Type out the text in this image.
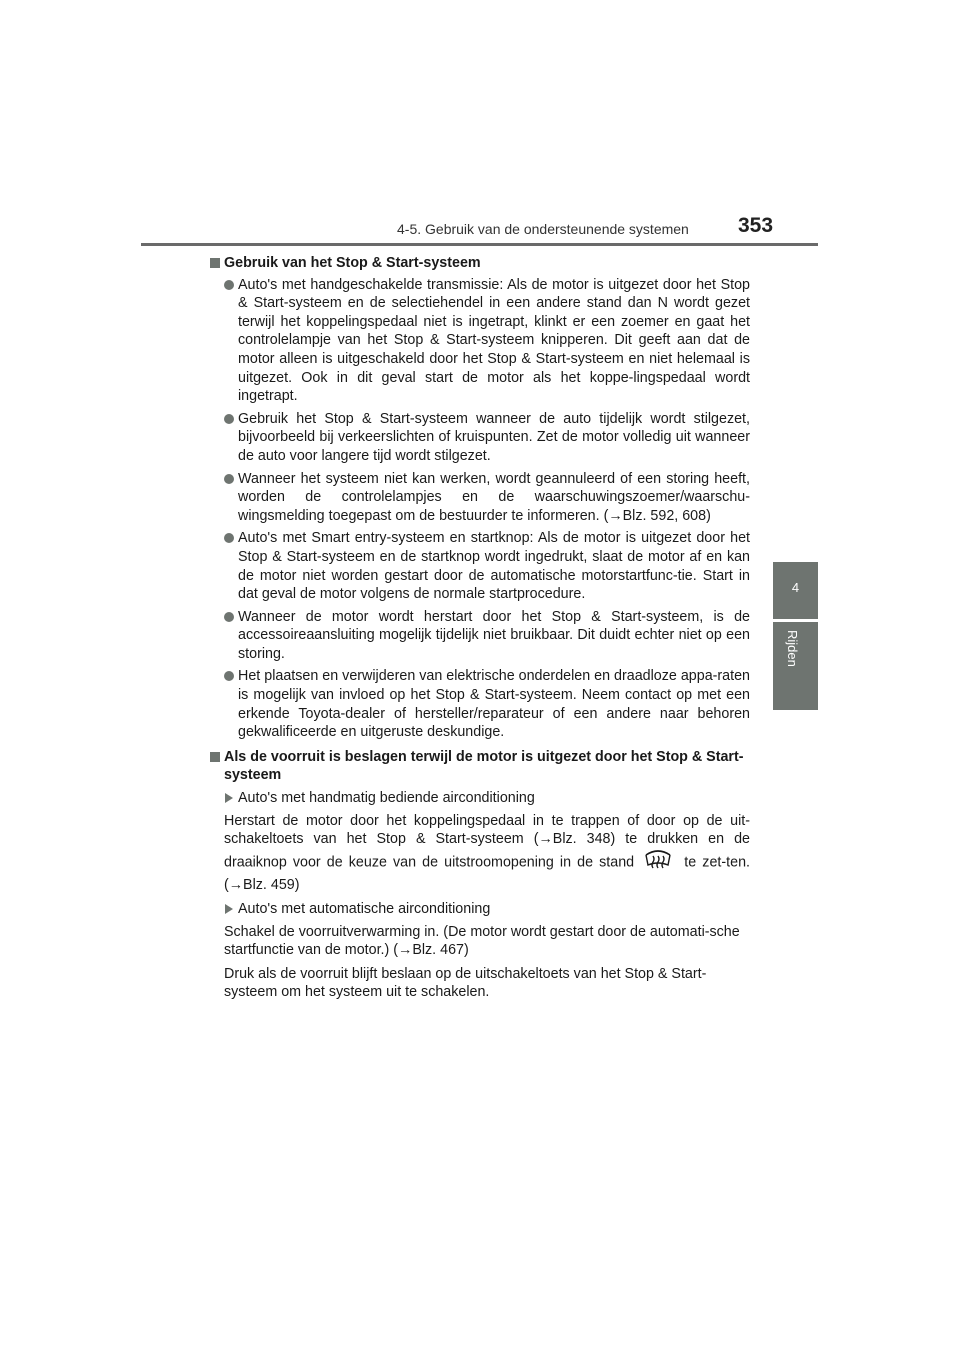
4-5. Gebruik van de ondersteunende systemen 353
4
Rijden
Gebruik van het Stop & Start-systeem
Auto's met handgeschakelde transmissie: Als de motor is uitgezet door het Stop & Start-systeem en de selectiehendel in een andere stand dan N wordt gezet terwijl het koppelingspedaal niet is ingetrapt, klinkt er een zoemer en gaat het controlelampje van het Stop & Start-systeem knipperen. Dit geeft aan dat de motor alleen is uitgeschakeld door het Stop & Start-systeem en niet helemaal is uitgezet. Ook in dit geval start de motor als het koppe-lingspedaal wordt ingetrapt.
Gebruik het Stop & Start-systeem wanneer de auto tijdelijk wordt stilgezet, bijvoorbeeld bij verkeerslichten of kruispunten. Zet de motor volledig uit wanneer de auto voor langere tijd wordt stilgezet.
Wanneer het systeem niet kan werken, wordt geannuleerd of een storing heeft, worden de controlelampjes en de waarschuwingszoemer/waarschu-wingsmelding toegepast om de bestuurder te informeren. (→Blz. 592, 608)
Auto's met Smart entry-systeem en startknop: Als de motor is uitgezet door het Stop & Start-systeem en de startknop wordt ingedrukt, slaat de motor af en kan de motor niet worden gestart door de automatische motorstartfunc-tie. Start in dat geval de motor volgens de normale startprocedure.
Wanneer de motor wordt herstart door het Stop & Start-systeem, is de accessoireaansluiting mogelijk tijdelijk niet bruikbaar. Dit duidt echter niet op een storing.
Het plaatsen en verwijderen van elektrische onderdelen en draadloze appa-raten is mogelijk van invloed op het Stop & Start-systeem. Neem contact op met een erkende Toyota-dealer of hersteller/reparateur of een andere naar behoren gekwalificeerde en uitgeruste deskundige.
Als de voorruit is beslagen terwijl de motor is uitgezet door het Stop & Start-systeem
Auto's met handmatig bediende airconditioning
Herstart de motor door het koppelingspedaal in te trappen of door op de uit-schakeltoets van het Stop & Start-systeem (→Blz. 348) te drukken en de draaiknop voor de keuze van de uitstroomopening in de stand	te zet-ten. (→Blz. 459)
Auto's met automatische airconditioning
Schakel de voorruitverwarming in. (De motor wordt gestart door de automati-sche startfunctie van de motor.) (→Blz. 467)
Druk als de voorruit blijft beslaan op de uitschakeltoets van het Stop & Start-systeem om het systeem uit te schakelen.
